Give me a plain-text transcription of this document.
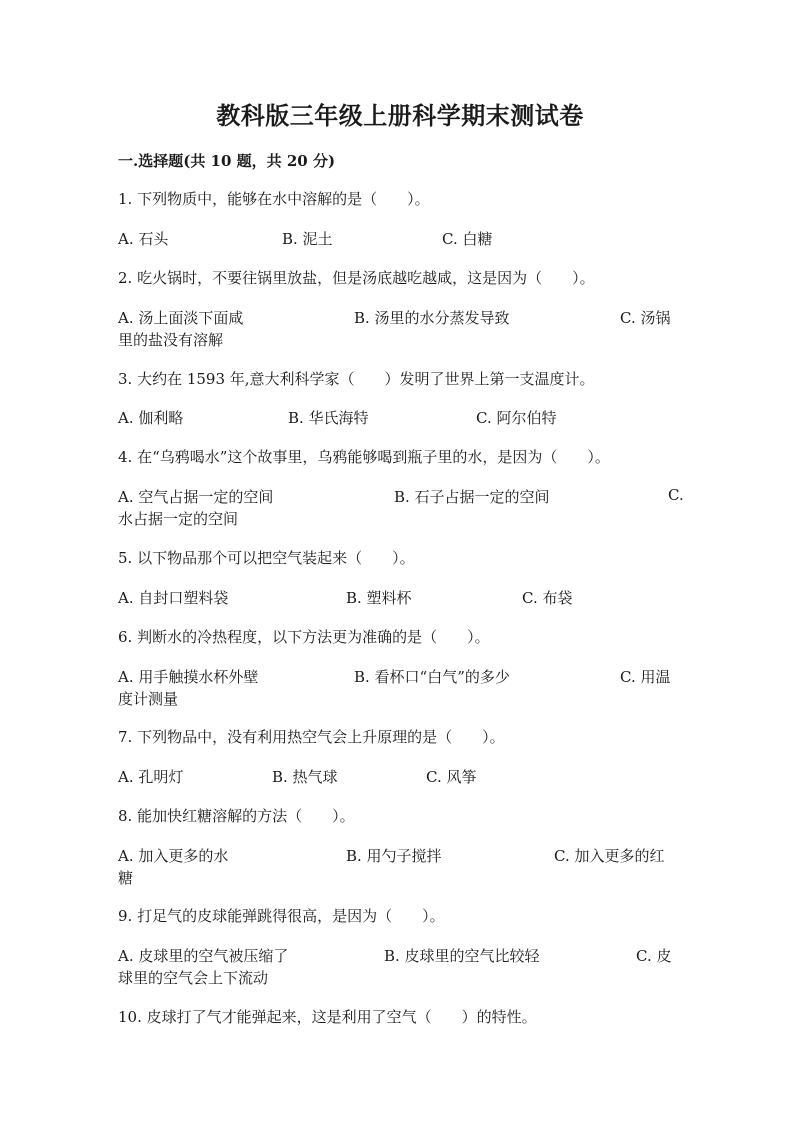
教科版三年级上册科学期末测试卷
一.选择题(共 10 题，共 20 分)
1. 下列物质中，能够在水中溶解的是（　　）。
A. 石头	B. 泥土	C. 白糖
2. 吃火锅时，不要往锅里放盐，但是汤底越吃越咸，这是因为（　　）。
A. 汤上面淡下面咸	B. 汤里的水分蒸发导致	C. 汤锅
里的盐没有溶解
3. 大约在 1593 年,意大利科学家（　　）发明了世界上第一支温度计。
A. 伽利略	B. 华氏海特	C. 阿尔伯特
4. 在“乌鸦喝水”这个故事里，乌鸦能够喝到瓶子里的水，是因为（　　）。
A. 空气占据一定的空间	B. 石子占据一定的空间	C.
水占据一定的空间
5. 以下物品那个可以把空气装起来（　　）。
A. 自封口塑料袋	B. 塑料杯	C. 布袋
6. 判断水的冷热程度，以下方法更为准确的是（　　）。
A. 用手触摸水杯外壁	B. 看杯口“白气”的多少	C. 用温
度计测量
7. 下列物品中，没有利用热空气会上升原理的是（　　）。
A. 孔明灯	B. 热气球	C. 风筝
8. 能加快红糖溶解的方法（　　）。
A. 加入更多的水	B. 用勺子搅拌	C. 加入更多的红
糖
9. 打足气的皮球能弹跳得很高，是因为（　　）。
A. 皮球里的空气被压缩了	B. 皮球里的空气比较轻	C. 皮
球里的空气会上下流动
10. 皮球打了气才能弹起来，这是利用了空气（　　）的特性。
